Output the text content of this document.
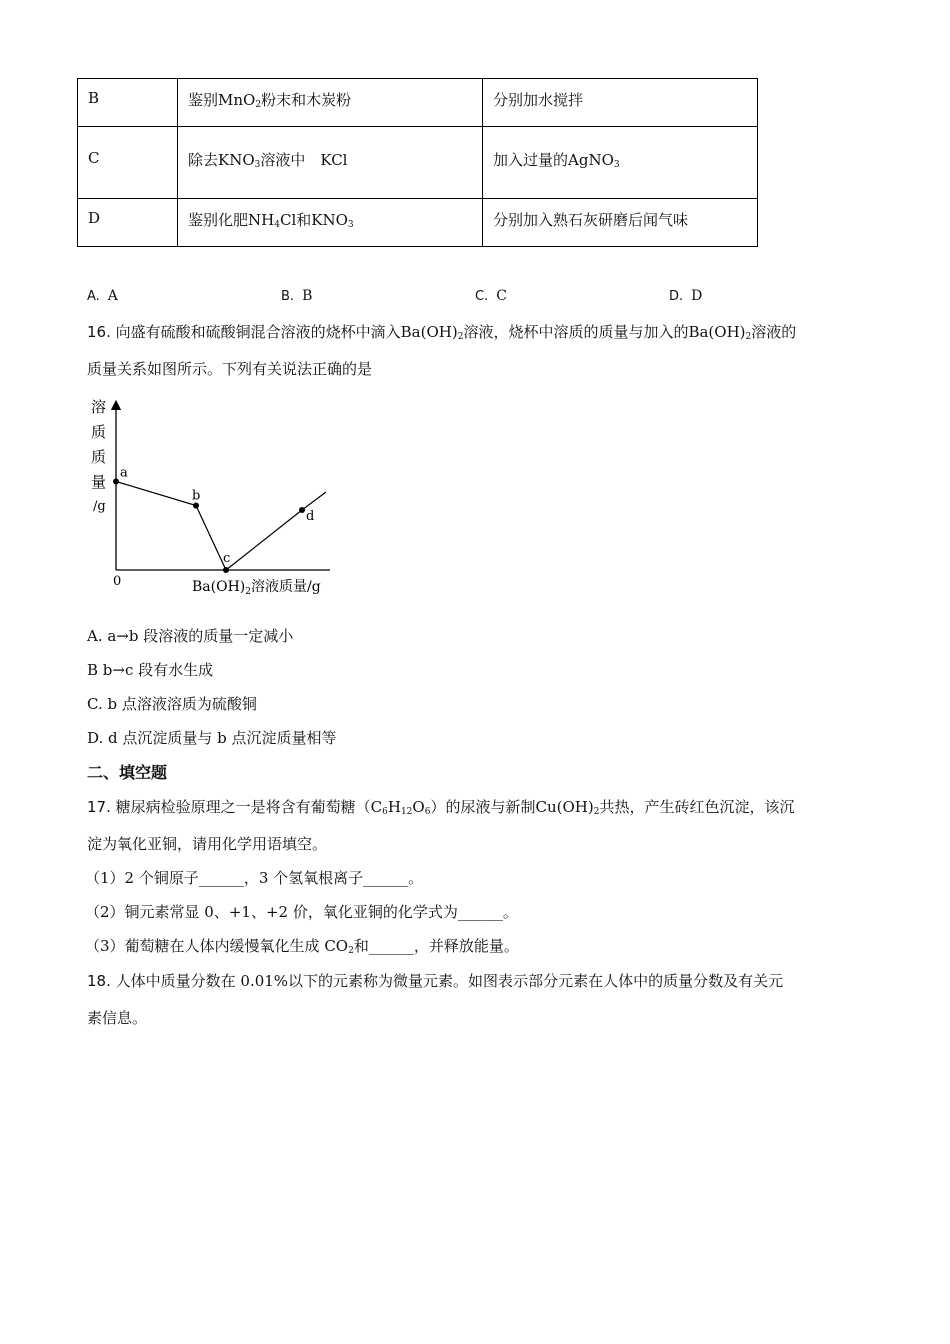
B	鉴别MnO$_2$粉末和木炭粉	分别加水搅拌
C	除去$KNO_3$溶液中　KCl	加入过量的AgNO$_3$
D	鉴别化肥$NH_4Cl$和$KNO_3$	分别加入熟石灰研磨后闻气味
A. A	B. B	C. C	D. D
16. 向盛有硫酸和硫酸铜混合溶液的烧杯中滴入$Ba(OH)_2$溶液，烧杯中溶质的质量与加入的$Ba(OH)_2$溶液的
质量关系如图所示。下列有关说法正确的是
溶
质
质
量
/g
0	$Ba(OH)_2$溶液质量/g
a
b
c
d
A. a→b 段溶液的质量一定减小
B b→c 段有水生成
C. b 点溶液溶质为硫酸铜
D. d 点沉淀质量与 b 点沉淀质量相等
二、填空题
17. 糖尿病检验原理之一是将含有葡萄糖$(C_6H_{12}O_6)$的尿液与新制$Cu(OH)_2$共热，产生砖红色沉淀，该沉
淀为氧化亚铜，请用化学用语填空。
（1）2 个铜原子______，3 个氢氧根离子______。
（2）铜元素常显 0、+1、+2 价，氧化亚铜的化学式为______。
（3）葡萄糖在人体内缓慢氧化生成 $CO_2$和______，并释放能量。
18. 人体中质量分数在 0.01%以下的元素称为微量元素。如图表示部分元素在人体中的质量分数及有关元
素信息。
